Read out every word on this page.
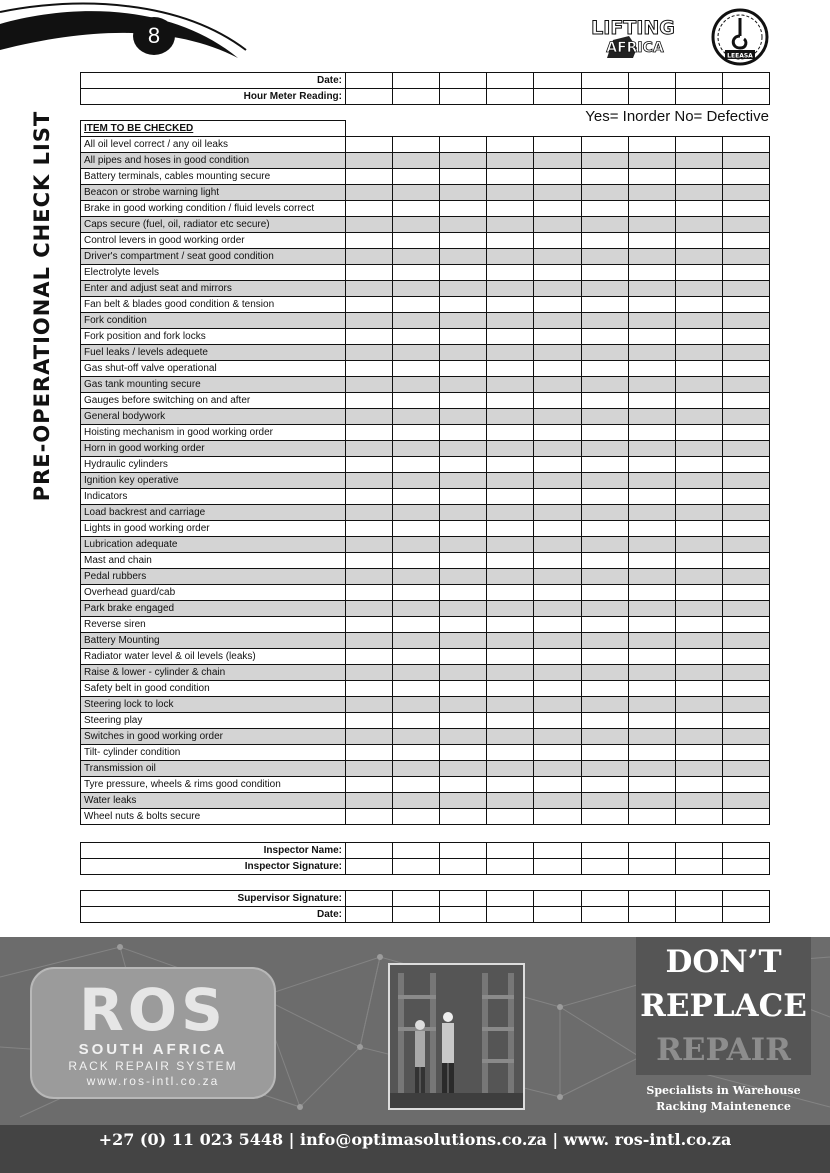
8	LIFTING
AFRICA	LEEASA
PRE-OPERATIONAL CHECK LIST
Date:									
Hour Meter Reading:									
Yes= Inorder No= Defective
ITEM TO BE CHECKED									
All oil level correct / any oil leaks									
All pipes and hoses in good condition									
Battery terminals, cables mounting secure									
Beacon or strobe warning light									
Brake in good working condition / fluid levels correct									
Caps secure (fuel, oil, radiator etc secure)									
Control levers in good working order									
Driver's compartment / seat good condition									
Electrolyte levels									
Enter and adjust seat and mirrors									
Fan belt & blades good condition & tension									
Fork condition									
Fork position and fork locks									
Fuel leaks / levels adequete									
Gas shut-off valve operational									
Gas tank mounting secure									
Gauges before switching on and after									
General bodywork									
Hoisting mechanism in good working order									
Horn in good working order									
Hydraulic cylinders									
Ignition key operative									
Indicators									
Load backrest and carriage									
Lights in good working order									
Lubrication adequate									
Mast and chain									
Pedal rubbers									
Overhead guard/cab									
Park brake engaged									
Reverse siren									
Battery Mounting									
Radiator water level & oil levels (leaks)									
Raise & lower - cylinder & chain									
Safety belt in good condition									
Steering lock to lock									
Steering play									
Switches in good working order									
Tilt- cylinder condition									
Transmission oil									
Tyre pressure, wheels & rims good condition									
Water leaks									
Wheel nuts & bolts secure									
Inspector Name:									
Inspector Signature:									
Supervisor Signature:									
Date:									
ROS
SOUTH AFRICA
RACK REPAIR SYSTEM
www.ros-intl.co.za
DON’T
REPLACE
REPAIR
Specialists in Warehouse
Racking Maintenence
+27 (0) 11 023 5448 | info@optimasolutions.co.za | www. ros-intl.co.za
